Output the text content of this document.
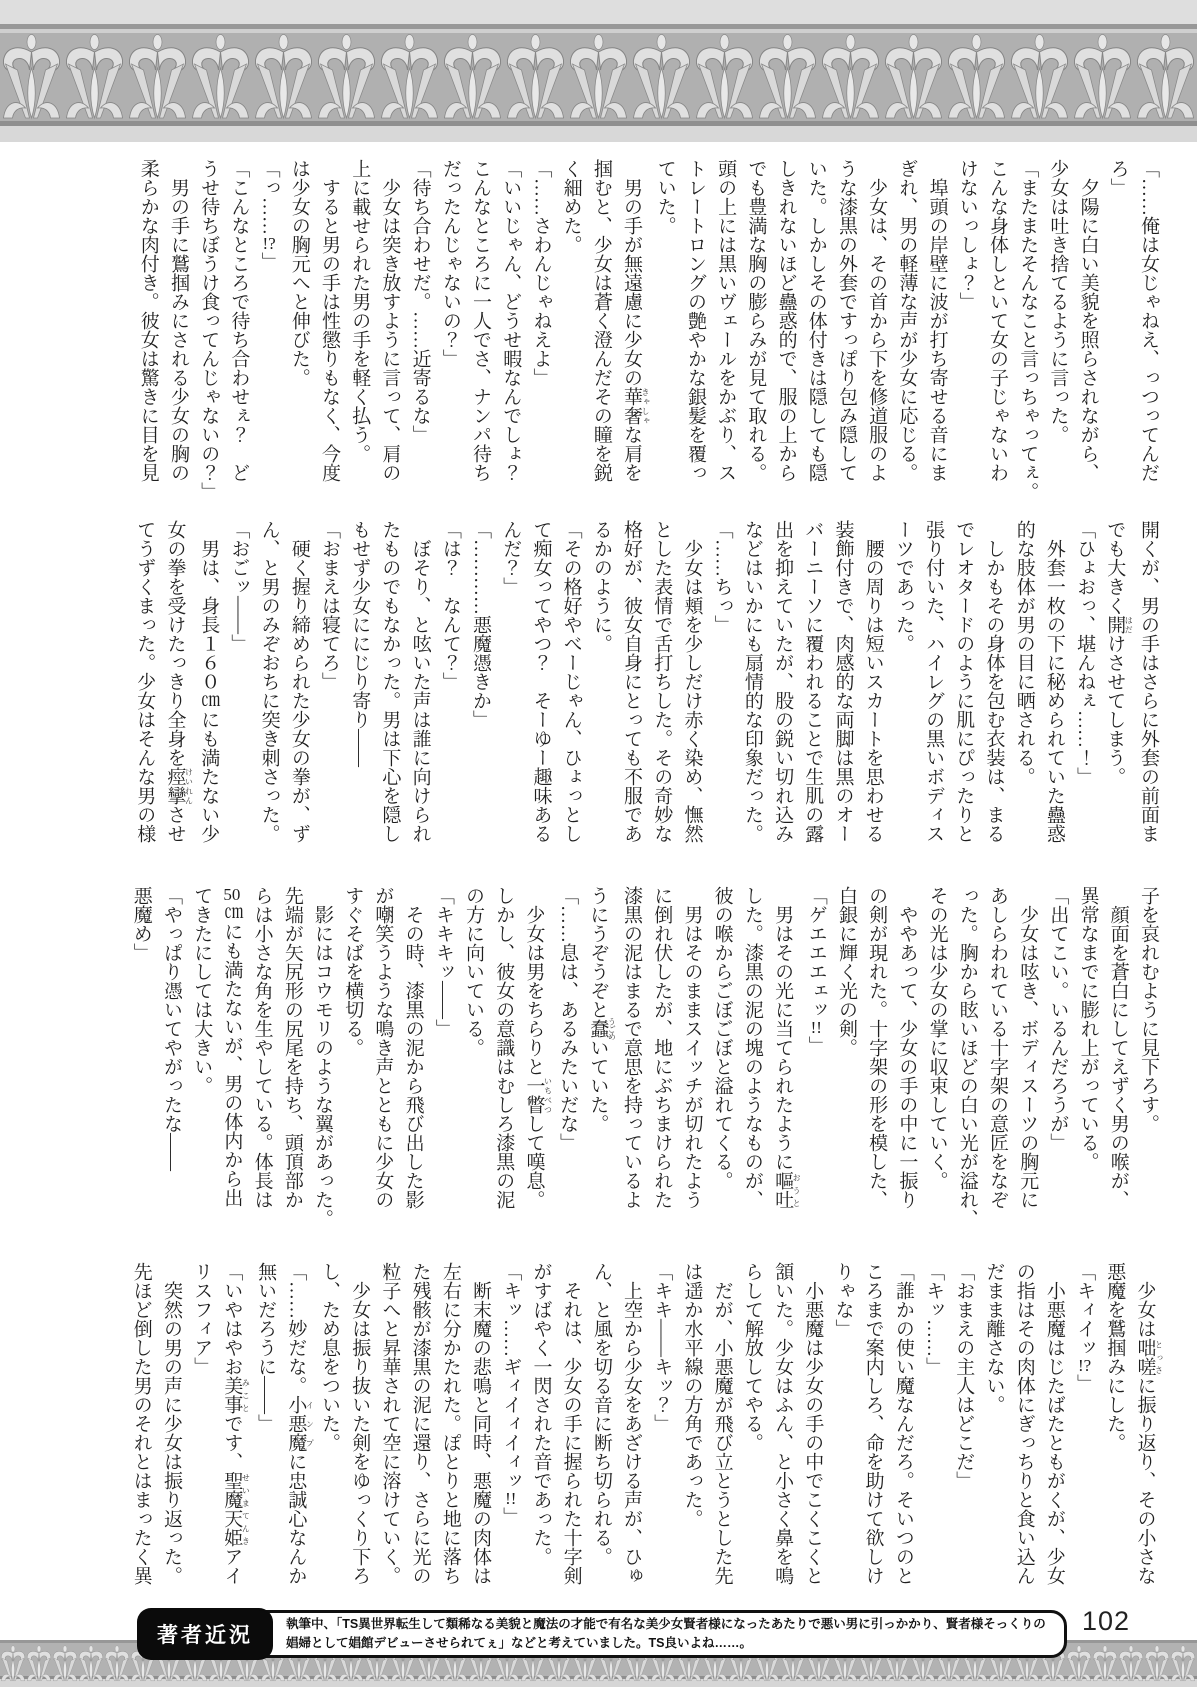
「……俺は女じゃねえ、っつってんだ
ろ」
　夕陽に白い美貌を照らされながら、
少女は吐き捨てるように言った。
「またまたそんなこと言っちゃってぇ。
こんな身体しといて女の子じゃないわ
けないっしょ？」
　埠頭の岸壁に波が打ち寄せる音にま
ぎれ、男の軽薄な声が少女に応じる。
　少女は、その首から下を修道服のよ
うな漆黒の外套ですっぽり包み隠して
いた。しかしその体付きは隠しても隠
しきれないほど蠱惑的で、服の上から
でも豊満な胸の膨らみが見て取れる。
頭の上には黒いヴェールをかぶり、ス
トレートロングの艶やかな銀髪を覆っ
ていた。
　男の手が無遠慮に少女の華奢 きゃしゃな肩を
掴むと、少女は蒼く澄んだその瞳を鋭
く細めた。
「……さわんじゃねえよ」
「いいじゃん、どうせ暇なんでしょ？
こんなところに一人でさ、ナンパ待ち
だったんじゃないの？」
「待ち合わせだ。……近寄るな」
　少女は突き放すように言って、肩の
上に載せられた男の手を軽く払う。
　すると男の手は性懲りもなく、今度
は少女の胸元へと伸びた。
「っ……!?」
「こんなところで待ち合わせぇ？　ど
うせ待ちぼうけ食ってんじゃないの？」
　男の手に鷲掴みにされる少女の胸の
柔らかな肉付き。彼女は驚きに目を見
開くが、男の手はさらに外套の前面ま
でも大きく開 はだけさせてしまう。
「ひょおっ、堪んねぇ……！」
　外套一枚の下に秘められていた蠱惑
的な肢体が男の目に晒される。
　しかもその身体を包む衣装は、まる
でレオタードのように肌にぴったりと
張り付いた、ハイレグの黒いボディス
ーツであった。
　腰の周りは短いスカートを思わせる
装飾付きで、肉感的な両脚は黒のオー
バーニーソに覆われることで生肌の露
出を抑えていたが、股の鋭い切れ込み
などはいかにも扇情的な印象だった。
「……ちっ」
　少女は頬を少しだけ赤く染め、憮然
とした表情で舌打ちした。その奇妙な
格好が、彼女自身にとっても不服であ
るかのように。
「その格好やべーじゃん、ひょっとし
て痴女ってやつ？　そーゆー趣味ある
んだ？」
「…………悪魔憑きか」
「は？　なんて？」
　ぼそり、と呟いた声は誰に向けられ
たものでもなかった。男は下心を隠し
もせず少女ににじり寄り――
「おまえは寝てろ」
　硬く握り締められた少女の拳が、ず
ん、と男のみぞおちに突き刺さった。
「おごッ――」
　男は、身長１６０㎝にも満たない少
女の拳を受けたっきり全身を痙攣 けいれんさせ
てうずくまった。少女はそんな男の様
子を哀れむように見下ろす。
　顔面を蒼白にしてえずく男の喉が、
異常なまでに膨れ上がっている。
「出てこい。いるんだろうが」
　少女は呟き、ボディスーツの胸元に
あしらわれている十字架の意匠をなぞ
った。胸から眩いほどの白い光が溢れ、
その光は少女の掌に収束していく。
　ややあって、少女の手の中に一振り
の剣が現れた。十字架の形を模した、
白銀に輝く光の剣。
「ゲエエエェッ!!」
　男はその光に当てられたように嘔吐 おうと
した。漆黒の泥の塊のようなものが、
彼の喉からごぼごぼと溢れてくる。
　男はそのままスイッチが切れたよう
に倒れ伏したが、地にぶちまけられた
漆黒の泥はまるで意思を持っているよ
うにうぞうぞと蠢 うごめいていた。
「……息は、あるみたいだな」
　少女は男をちらりと一瞥 いちべつして嘆息。
しかし、彼女の意識はむしろ漆黒の泥
の方に向いている。
「キキキッ――」
　その時、漆黒の泥から飛び出した影
が嘲笑うような鳴き声とともに少女の
すぐそばを横切る。
　影にはコウモリのような翼があった。
先端が矢尻形の尻尾を持ち、頭頂部か
らは小さな角を生やしている。体長は
50㎝にも満たないが、男の体内から出
てきたにしては大きい。
「やっぱり憑いてやがったな――
悪魔め」
　少女は咄嗟 とっさに振り返り、その小さな
悪魔を鷲掴みにした。
「キィイッ!?」
　小悪魔はじたばたともがくが、少女
の指はその肉体にぎっちりと食い込ん
だまま離さない。
「おまえの主人はどこだ」
「キッ……」
「誰かの使い魔なんだろ。そいつのと
ころまで案内しろ、命を助けて欲しけ
りゃな」
　小悪魔は少女の手の中でこくこくと
頷いた。少女はふん、と小さく鼻を鳴
らして解放してやる。
　だが、小悪魔が飛び立とうとした先
は遥か水平線の方角であった。
「キキ――キッ？」
　上空から少女をあざける声が、ひゅ
ん、と風を切る音に断ち切られる。
　それは、少女の手に握られた十字剣
がすばやく一閃された音であった。
「キッ……ギィイィイィッ!!」
　断末魔の悲鳴と同時、悪魔の肉体は
左右に分かたれた。ぽとりと地に落ち
た残骸が漆黒の泥に還り、さらに光の
粒子へと昇華されて空に溶けていく。
　少女は振り抜いた剣をゆっくり下ろ
し、ため息をついた。
「……妙だな。小悪魔 インプに忠誠心なんか
無いだろうに――」
「いやはやお美事 みことです、聖魔天姫 せいまてんきアイ
リスフィア」
　突然の男の声に少女は振り返った。
先ほど倒した男のそれとはまったく異
102
著者近況	執筆中、「TS異世界転生して類稀なる美貌と魔法の才能で有名な美少女賢者様になったあたりで悪い男に引っかかり、賢者様そっくりの
娼婦として娼館デビューさせられてぇ」などと考えていました。TS良いよね……。
